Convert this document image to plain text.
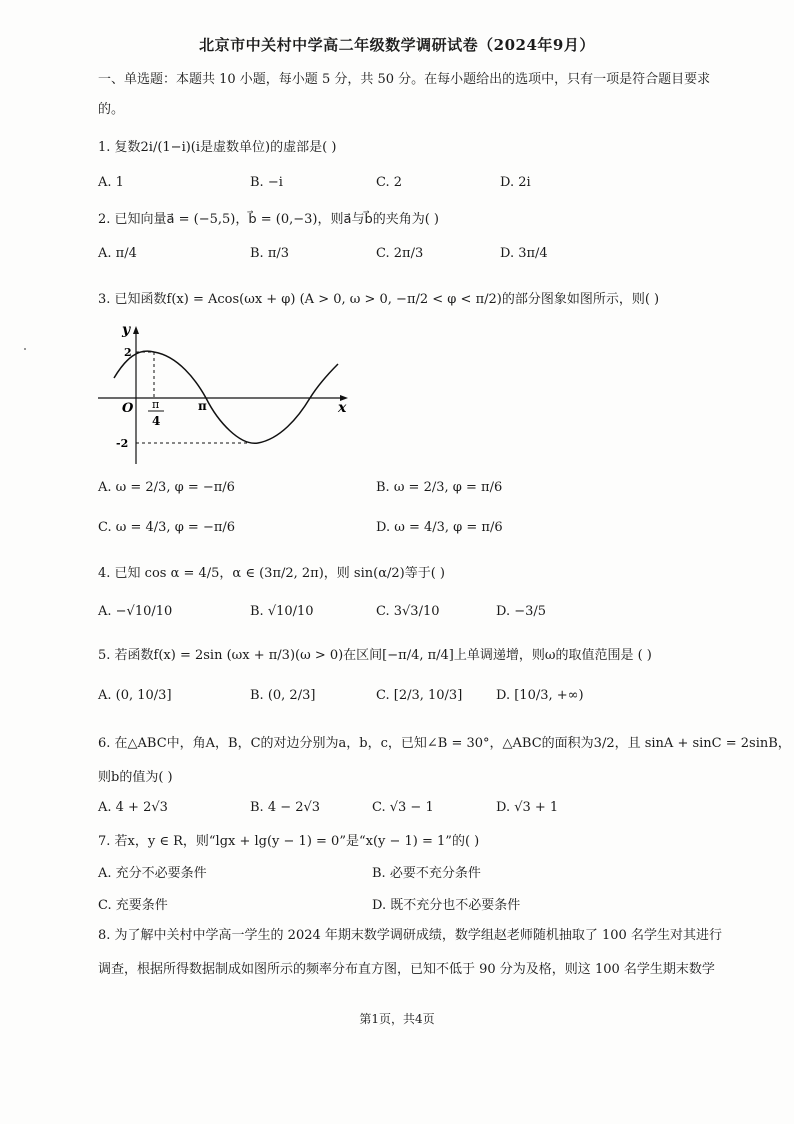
北京市中关村中学高二年级数学调研试卷（2024年9月）
一、单选题：本题共 10 小题，每小题 5 分，共 50 分。在每小题给出的选项中，只有一项是符合题目要求
的。
1. 复数2i/(1−i)(i是虚数单位)的虚部是( )
A. 1	B. −i	C. 2	D. 2i
2. 已知向量a⃗ = (−5,5)，b⃗ = (0,−3)，则a⃗与b⃗的夹角为( )
A. π/4	B. π/3	C. 2π/3	D. 3π/4
3. 已知函数f(x) = Acos(ωx + φ) (A > 0, ω > 0, −π/2 < φ < π/2)的部分图象如图所示，则( )
y
x
O
2
-2
π
4
π
A. ω = 2/3, φ = −π/6	B. ω = 2/3, φ = π/6
C. ω = 4/3, φ = −π/6	D. ω = 4/3, φ = π/6
4. 已知 cos α = 4/5，α ∈ (3π/2, 2π)，则 sin(α/2)等于( )
A. −√10/10	B. √10/10	C. 3√3/10	D. −3/5
5. 若函数f(x) = 2sin (ωx + π/3)(ω > 0)在区间[−π/4, π/4]上单调递增，则ω的取值范围是 ( )
A. (0, 10/3]	B. (0, 2/3]	C. [2/3, 10/3]	D. [10/3, +∞)
6. 在△ABC中，角A，B，C的对边分别为a，b，c，已知∠B = 30°，△ABC的面积为3/2，且 sinA + sinC = 2sinB，
则b的值为( )
A. 4 + 2√3	B. 4 − 2√3	C. √3 − 1	D. √3 + 1
7. 若x，y ∈ R，则“lgx + lg(y − 1) = 0”是“x(y − 1) = 1”的( )
A. 充分不必要条件	B. 必要不充分条件
C. 充要条件	D. 既不充分也不必要条件
8. 为了解中关村中学高一学生的 2024 年期末数学调研成绩，数学组赵老师随机抽取了 100 名学生对其进行
调查，根据所得数据制成如图所示的频率分布直方图，已知不低于 90 分为及格，则这 100 名学生期末数学
第1页，共4页
